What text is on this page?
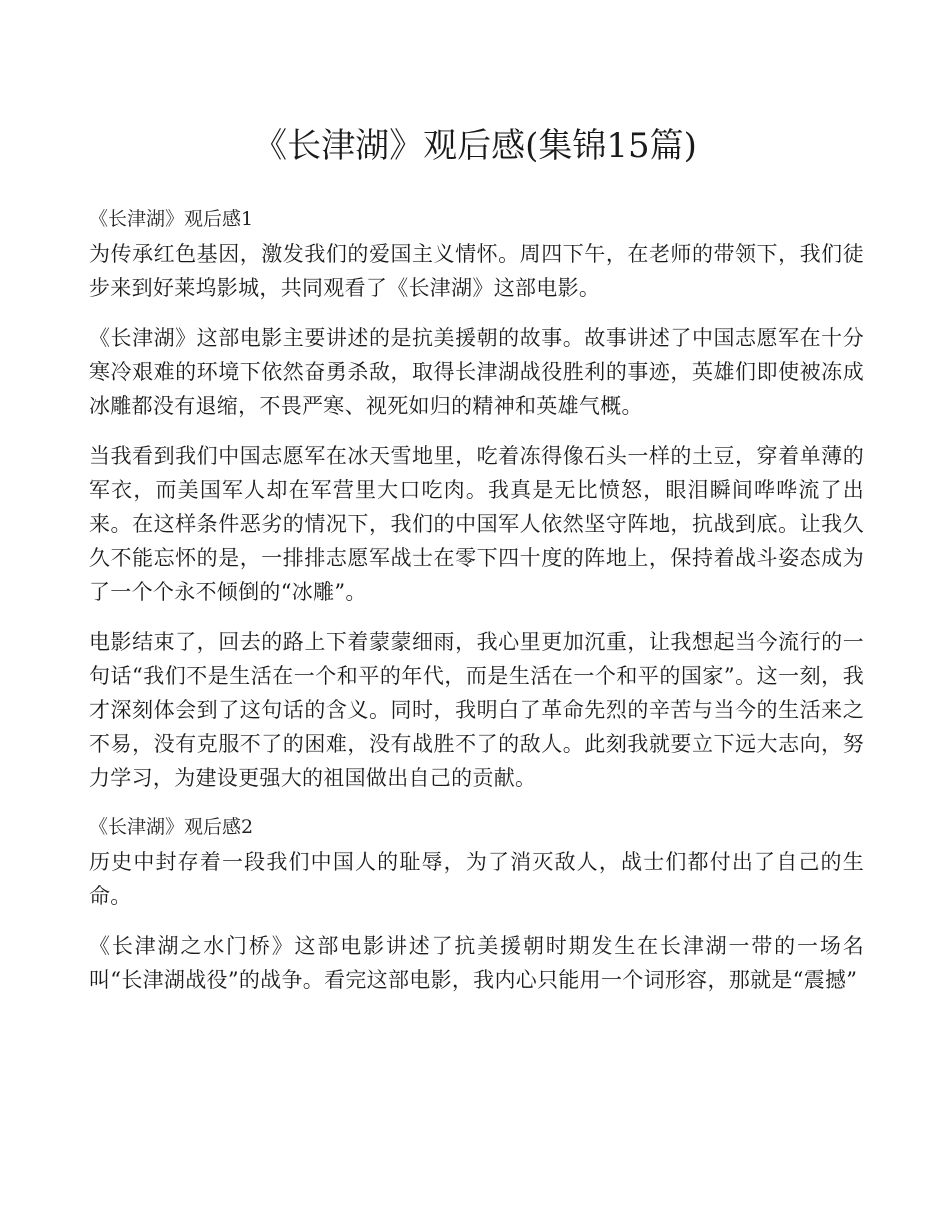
《长津湖》观后感(集锦15篇)

《长津湖》观后感1

为传承红色基因，激发我们的爱国主义情怀。周四下午，在老师的带领下，我们徒步来到好莱坞影城，共同观看了《长津湖》这部电影。

《长津湖》这部电影主要讲述的是抗美援朝的故事。故事讲述了中国志愿军在十分寒冷艰难的环境下依然奋勇杀敌，取得长津湖战役胜利的事迹，英雄们即使被冻成冰雕都没有退缩，不畏严寒、视死如归的精神和英雄气概。

当我看到我们中国志愿军在冰天雪地里，吃着冻得像石头一样的土豆，穿着单薄的军衣，而美国军人却在军营里大口吃肉。我真是无比愤怒，眼泪瞬间哗哗流了出来。在这样条件恶劣的情况下，我们的中国军人依然坚守阵地，抗战到底。让我久久不能忘怀的是，一排排志愿军战士在零下四十度的阵地上，保持着战斗姿态成为了一个个永不倾倒的“冰雕”。

电影结束了，回去的路上下着蒙蒙细雨，我心里更加沉重，让我想起当今流行的一句话“我们不是生活在一个和平的年代，而是生活在一个和平的国家”。这一刻，我才深刻体会到了这句话的含义。同时，我明白了革命先烈的辛苦与当今的生活来之不易，没有克服不了的困难，没有战胜不了的敌人。此刻我就要立下远大志向，努力学习，为建设更强大的祖国做出自己的贡献。

《长津湖》观后感2

历史中封存着一段我们中国人的耻辱，为了消灭敌人，战士们都付出了自己的生命。

《长津湖之水门桥》这部电影讲述了抗美援朝时期发生在长津湖一带的一场名叫“长津湖战役”的战争。看完这部电影，我内心只能用一个词形容，那就是“震撼”
